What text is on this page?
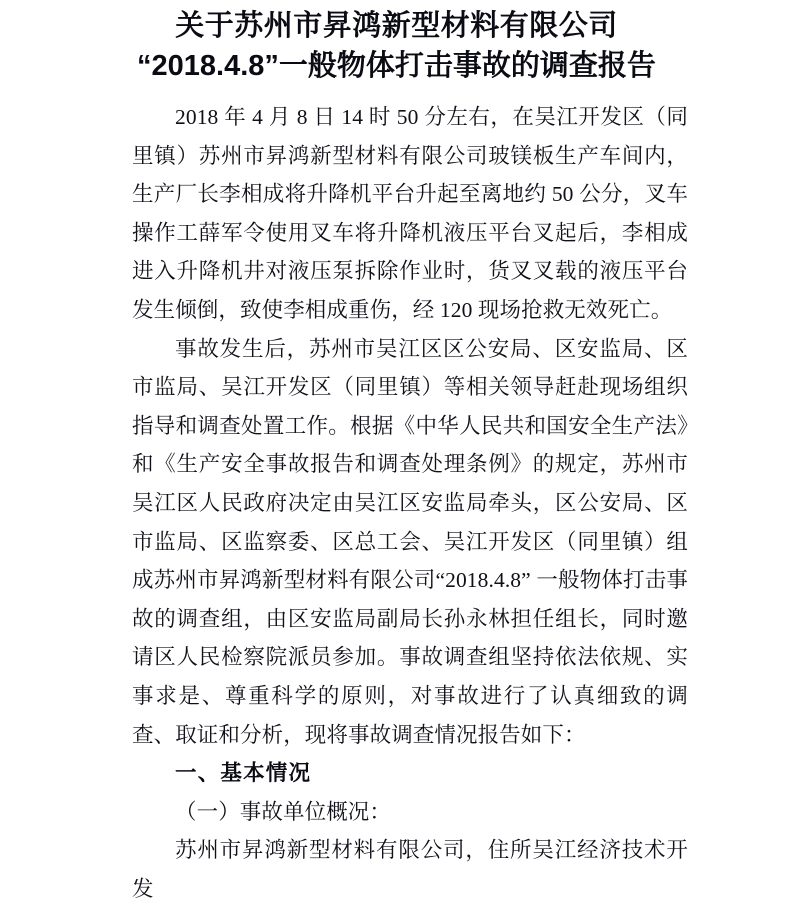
关于苏州市昇鸿新型材料有限公司
“2018.4.8”一般物体打击事故的调查报告

2018 年 4 月 8 日 14 时 50 分左右，在吴江开发区（同里镇）苏州市昇鸿新型材料有限公司玻镁板生产车间内，生产厂长李相成将升降机平台升起至离地约 50 公分，叉车操作工薛军令使用叉车将升降机液压平台叉起后，李相成进入升降机井对液压泵拆除作业时，货叉叉载的液压平台发生倾倒，致使李相成重伤，经 120 现场抢救无效死亡。

事故发生后，苏州市吴江区区公安局、区安监局、区市监局、吴江开发区（同里镇）等相关领导赶赴现场组织指导和调查处置工作。根据《中华人民共和国安全生产法》和《生产安全事故报告和调查处理条例》的规定，苏州市吴江区人民政府决定由吴江区安监局牵头，区公安局、区市监局、区监察委、区总工会、吴江开发区（同里镇）组成苏州市昇鸿新型材料有限公司“2018.4.8” 一般物体打击事故的调查组，由区安监局副局长孙永林担任组长，同时邀请区人民检察院派员参加。事故调查组坚持依法依规、实事求是、尊重科学的原则，对事故进行了认真细致的调查、取证和分析，现将事故调查情况报告如下：

一、基本情况

（一）事故单位概况：

苏州市昇鸿新型材料有限公司，住所吴江经济技术开发
